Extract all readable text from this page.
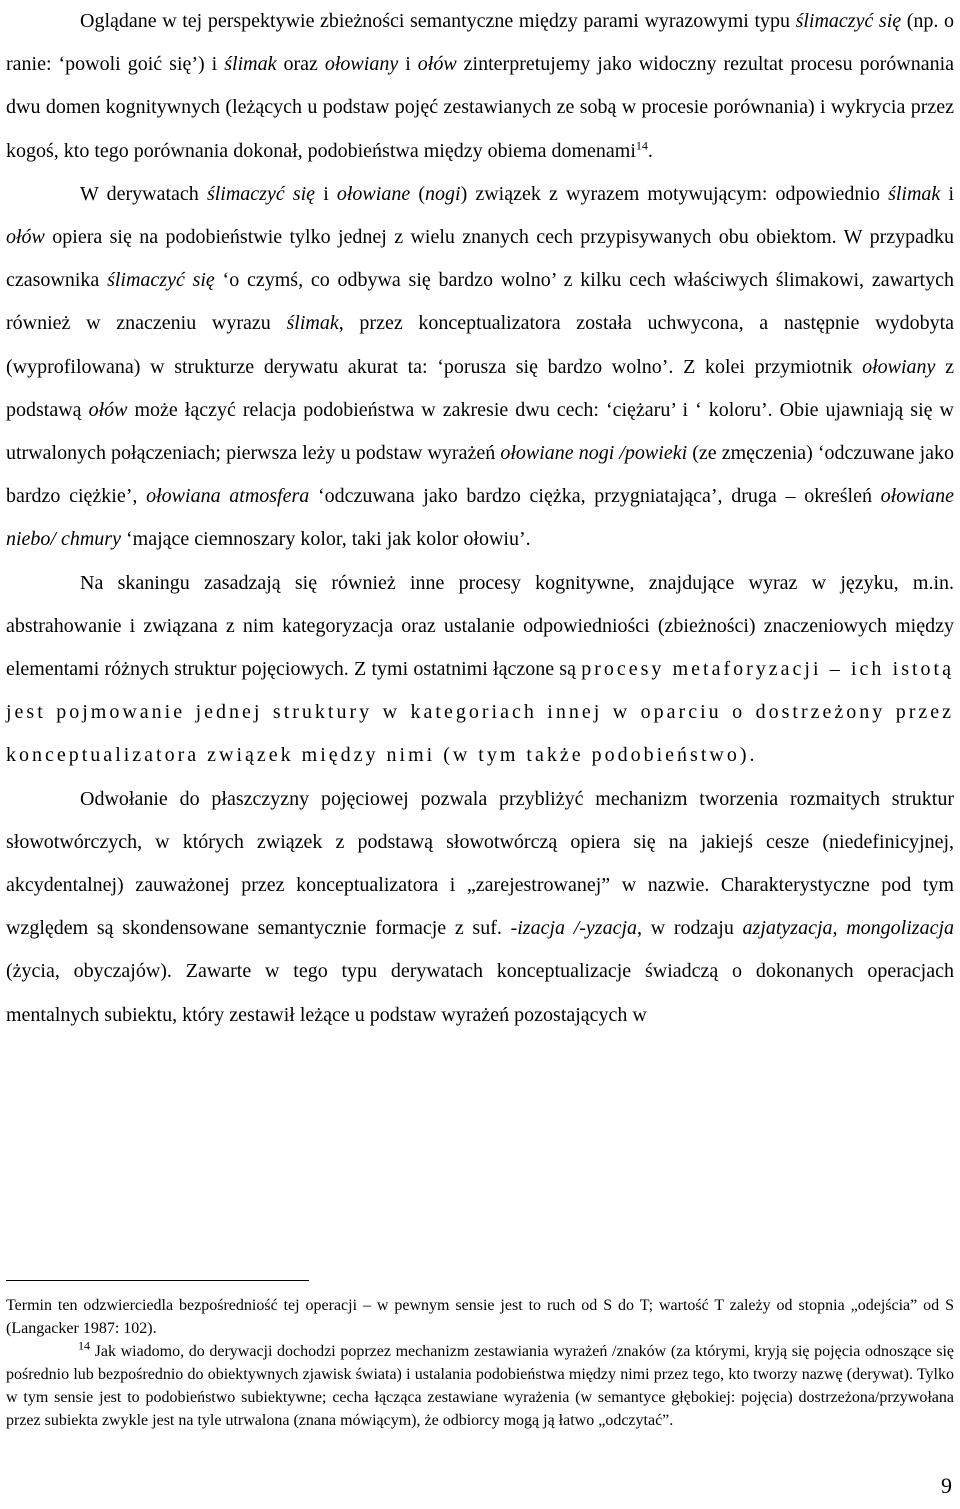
Oglądane w tej perspektywie zbieżności semantyczne między parami wyrazowymi typu ślimaczyć się (np. o ranie: ‘powoli goić się’) i ślimak oraz ołowiany i ołów zinterpretujemy jako widoczny rezultat procesu porównania dwu domen kognitywnych (leżących u podstaw pojęć zestawianych ze sobą w procesie porównania) i wykrycia przez kogoś, kto tego porównania dokonał, podobieństwa między obiema domenami$^{14}$.

W derywatach ślimaczyć się i ołowiane (nogi) związek z wyrazem motywującym: odpowiednio ślimak i ołów opiera się na podobieństwie tylko jednej z wielu znanych cech przypisywanych obu obiektom. W przypadku czasownika ślimaczyć się ‘o czymś, co odbywa się bardzo wolno’ z kilku cech właściwych ślimakowi, zawartych również w znaczeniu wyrazu ślimak, przez konceptualizatora została uchwycona, a następnie wydobyta (wyprofilowana) w strukturze derywatu akurat ta: ‘porusza się bardzo wolno’. Z kolei przymiotnik ołowiany z podstawą ołów może łączyć relacja podobieństwa w zakresie dwu cech: ‘ciężaru’ i ‘ koloru’. Obie ujawniają się w utrwalonych połączeniach; pierwsza leży u podstaw wyrażeń ołowiane nogi /powieki (ze zmęczenia) ‘odczuwane jako bardzo ciężkie’, ołowiana atmosfera ‘odczuwana jako bardzo ciężka, przygniatająca’, druga – określeń ołowiane niebo/ chmury ‘mające ciemnoszary kolor, taki jak kolor ołowiu’.

Na skaningu zasadzają się również inne procesy kognitywne, znajdujące wyraz w języku, m.in. abstrahowanie i związana z nim kategoryzacja oraz ustalanie odpowiedniości (zbieżności) znaczeniowych między elementami różnych struktur pojęciowych. Z tymi ostatnimi łączone są procesy metaforyzacji – ich istotą jest pojmowanie jednej struktury w kategoriach innej w oparciu o dostrzeżony przez konceptualizatora związek między nimi (w tym także podobieństwo).

Odwołanie do płaszczyzny pojęciowej pozwala przybliżyć mechanizm tworzenia rozmaitych struktur słowotwórczych, w których związek z podstawą słowotwórczą opiera się na jakiejś cesze (niedefinicyjnej, akcydentalnej) zauważonej przez konceptualizatora i „zarejestrowanej” w nazwie. Charakterystyczne pod tym względem są skondensowane semantycznie formacje z suf. -izacja /-yzacja, w rodzaju azjatyzacja, mongolizacja (życia, obyczajów). Zawarte w tego typu derywatach konceptualizacje świadczą o dokonanych operacjach mentalnych subiektu, który zestawił leżące u podstaw wyrażeń pozostających w

Termin ten odzwierciedla bezpośredniość tej operacji – w pewnym sensie jest to ruch od S do T; wartość T zależy od stopnia „odejścia” od S (Langacker 1987: 102).

$^{14}$ Jak wiadomo, do derywacji dochodzi poprzez mechanizm zestawiania wyrażeń /znaków (za którymi, kryją się pojęcia odnoszące się pośrednio lub bezpośrednio do obiektywnych zjawisk świata) i ustalania podobieństwa między nimi przez tego, kto tworzy nazwę (derywat). Tylko w tym sensie jest to podobieństwo subiektywne; cecha łącząca zestawiane wyrażenia (w semantyce głębokiej: pojęcia) dostrzeżona/przywołana przez subiekta zwykle jest na tyle utrwalona (znana mówiącym), że odbiorcy mogą ją łatwo „odczytać”.

9
